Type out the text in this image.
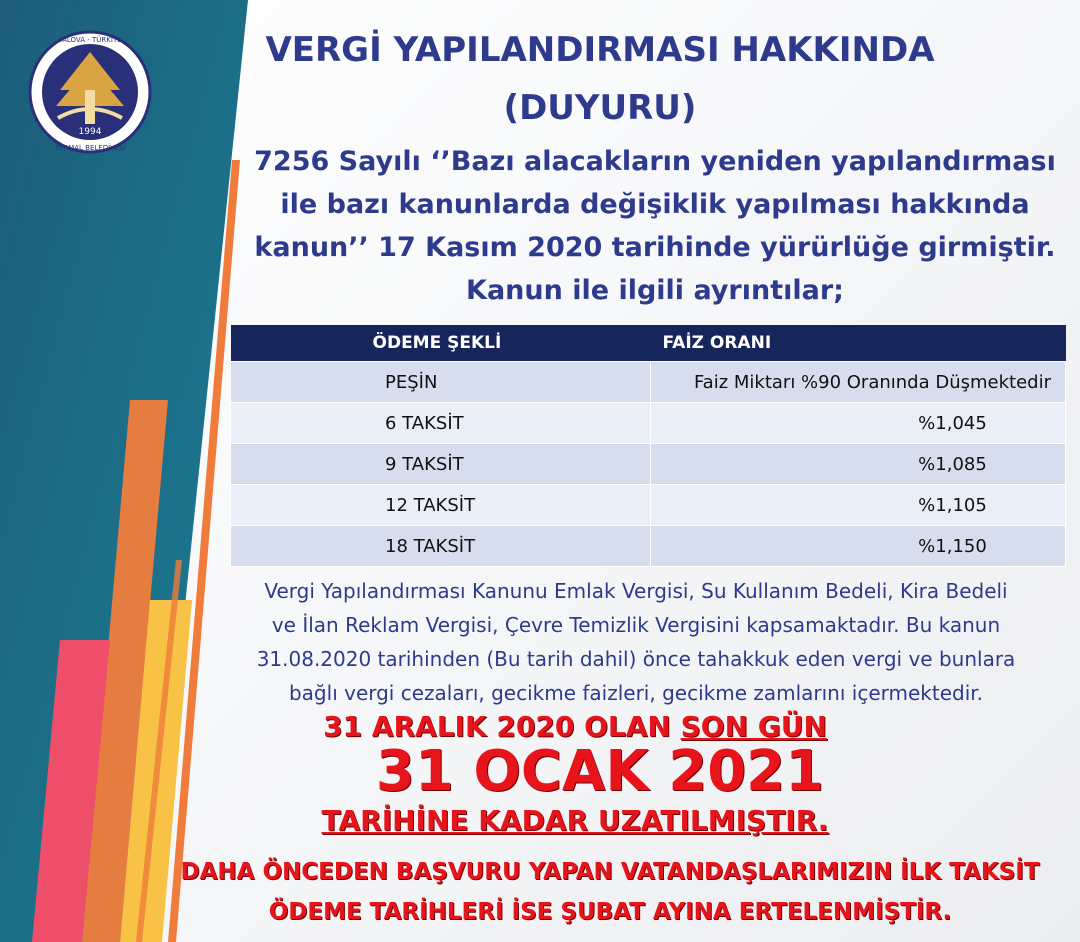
1994
YALOVA - TÜRKİYE
TERMAL BELEDİYESİ
VERGİ YAPILANDIRMASI HAKKINDA
(DUYURU)
7256 Sayılı ‘’Bazı alacakların yeniden yapılandırması
ile bazı kanunlarda değişiklik yapılması hakkında
kanun’’ 17 Kasım 2020 tarihinde yürürlüğe girmiştir.
Kanun ile ilgili ayrıntılar;
ÖDEME ŞEKLİ	FAİZ ORANI
PEŞİN	Faiz Miktarı %90 Oranında Düşmektedir
6 TAKSİT	%1,045
9 TAKSİT	%1,085
12 TAKSİT	%1,105
18 TAKSİT	%1,150
Vergi Yapılandırması Kanunu Emlak Vergisi, Su Kullanım Bedeli, Kira Bedeli
ve İlan Reklam Vergisi, Çevre Temizlik Vergisini kapsamaktadır. Bu kanun
31.08.2020 tarihinden (Bu tarih dahil) önce tahakkuk eden vergi ve bunlara
bağlı vergi cezaları, gecikme faizleri, gecikme zamlarını içermektedir.
31 ARALIK 2020 OLAN SON GÜN
31 OCAK 2021
TARİHİNE KADAR UZATILMIŞTIR.
DAHA ÖNCEDEN BAŞVURU YAPAN VATANDAŞLARIMIZIN İLK TAKSİT
ÖDEME TARİHLERİ İSE ŞUBAT AYINA ERTELENMİŞTİR.
